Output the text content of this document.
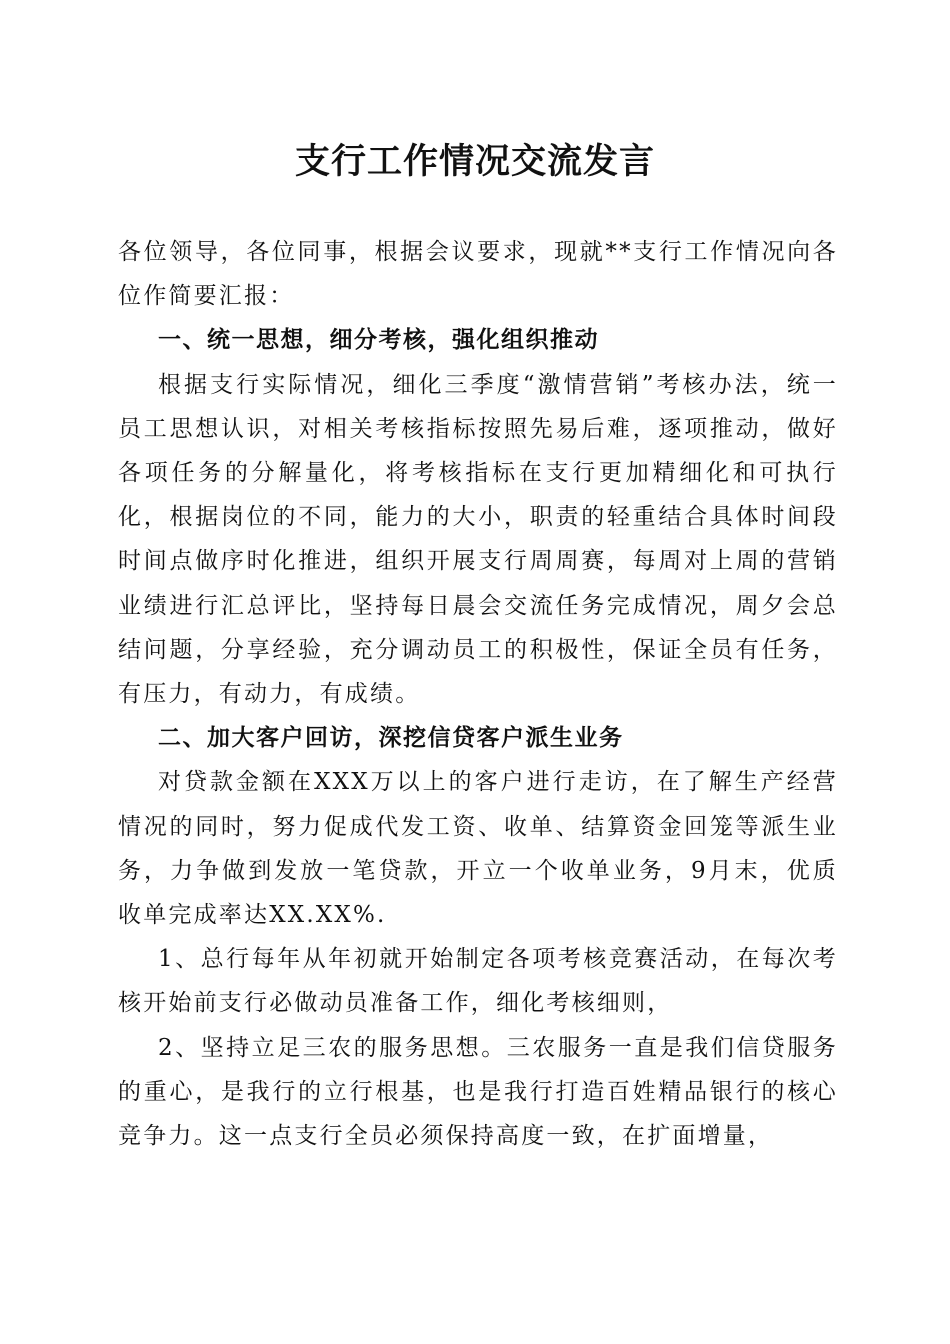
支行工作情况交流发言

各位领导，各位同事，根据会议要求，现就**支行工作情况向各位作简要汇报：

一、统一思想，细分考核，强化组织推动

根据支行实际情况，细化三季度“激情营销”考核办法，统一员工思想认识，对相关考核指标按照先易后难，逐项推动，做好各项任务的分解量化，将考核指标在支行更加精细化和可执行化，根据岗位的不同，能力的大小，职责的轻重结合具体时间段时间点做序时化推进，组织开展支行周周赛，每周对上周的营销业绩进行汇总评比，坚持每日晨会交流任务完成情况，周夕会总结问题，分享经验，充分调动员工的积极性，保证全员有任务，有压力，有动力，有成绩。

二、加大客户回访，深挖信贷客户派生业务

对贷款金额在XXX万以上的客户进行走访，在了解生产经营情况的同时，努力促成代发工资、收单、结算资金回笼等派生业务，力争做到发放一笔贷款，开立一个收单业务，9月末，优质收单完成率达XX.XX%.

1、总行每年从年初就开始制定各项考核竞赛活动，在每次考核开始前支行必做动员准备工作，细化考核细则，

2、坚持立足三农的服务思想。三农服务一直是我们信贷服务的重心，是我行的立行根基，也是我行打造百姓精品银行的核心竞争力。这一点支行全员必须保持高度一致，在扩面增量，
